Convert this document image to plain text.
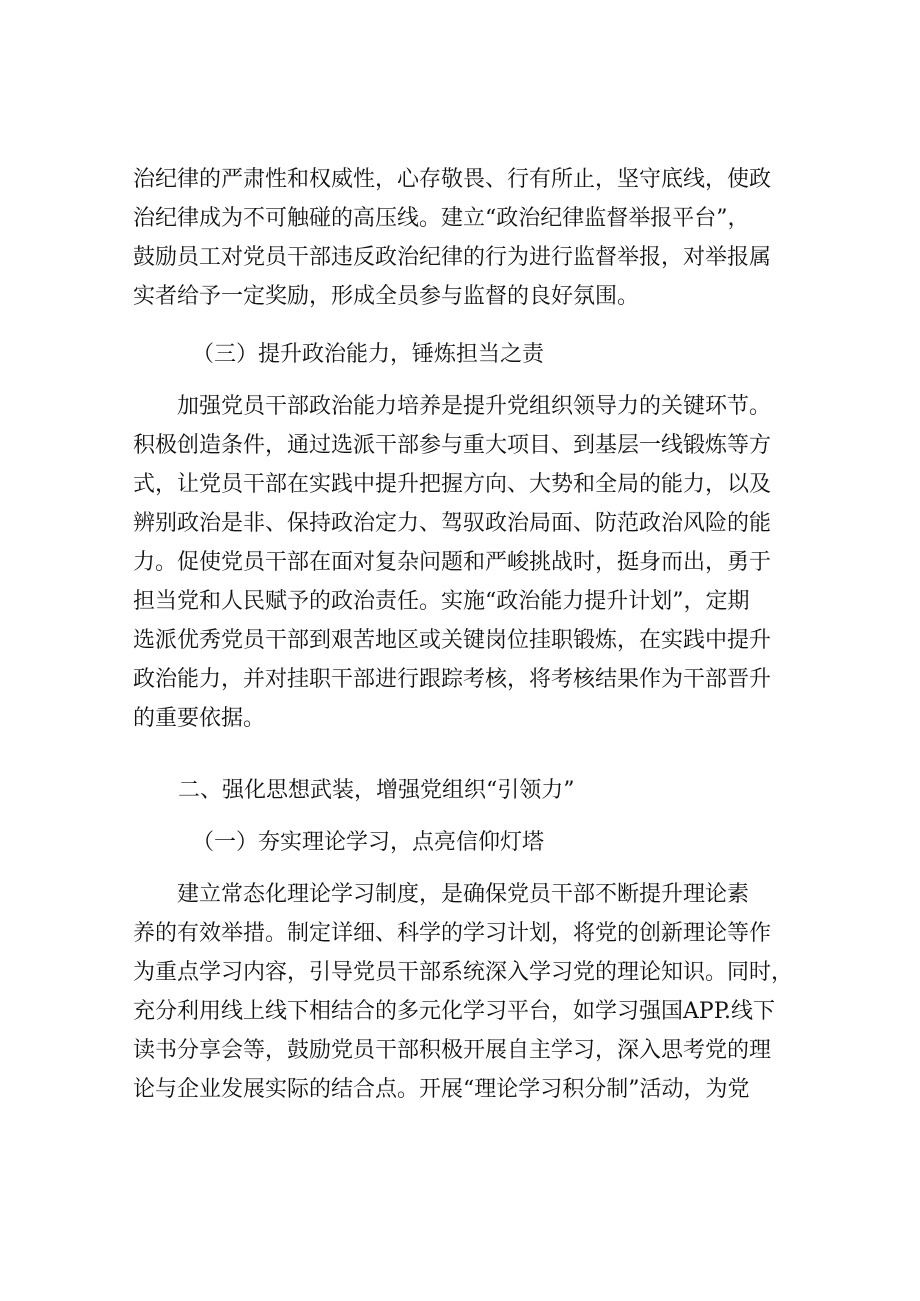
治纪律的严肃性和权威性，心存敬畏、行有所止，坚守底线，使政
治纪律成为不可触碰的高压线。建立“政治纪律监督举报平台”，
鼓励员工对党员干部违反政治纪律的行为进行监督举报，对举报属
实者给予一定奖励，形成全员参与监督的良好氛围。
（三）提升政治能力，锤炼担当之责
加强党员干部政治能力培养是提升党组织领导力的关键环节。
积极创造条件，通过选派干部参与重大项目、到基层一线锻炼等方
式，让党员干部在实践中提升把握方向、大势和全局的能力，以及
辨别政治是非、保持政治定力、驾驭政治局面、防范政治风险的能
力。促使党员干部在面对复杂问题和严峻挑战时，挺身而出，勇于
担当党和人民赋予的政治责任。实施“政治能力提升计划”，定期
选派优秀党员干部到艰苦地区或关键岗位挂职锻炼，在实践中提升
政治能力，并对挂职干部进行跟踪考核，将考核结果作为干部晋升
的重要依据。
二、强化思想武装，增强党组织“引领力”
（一）夯实理论学习，点亮信仰灯塔
建立常态化理论学习制度，是确保党员干部不断提升理论素
养的有效举措。制定详细、科学的学习计划，将党的创新理论等作
为重点学习内容，引导党员干部系统深入学习党的理论知识。同时，
充分利用线上线下相结合的多元化学习平台，如学习强国APP.线下
读书分享会等，鼓励党员干部积极开展自主学习，深入思考党的理
论与企业发展实际的结合点。开展“理论学习积分制”活动，为党
